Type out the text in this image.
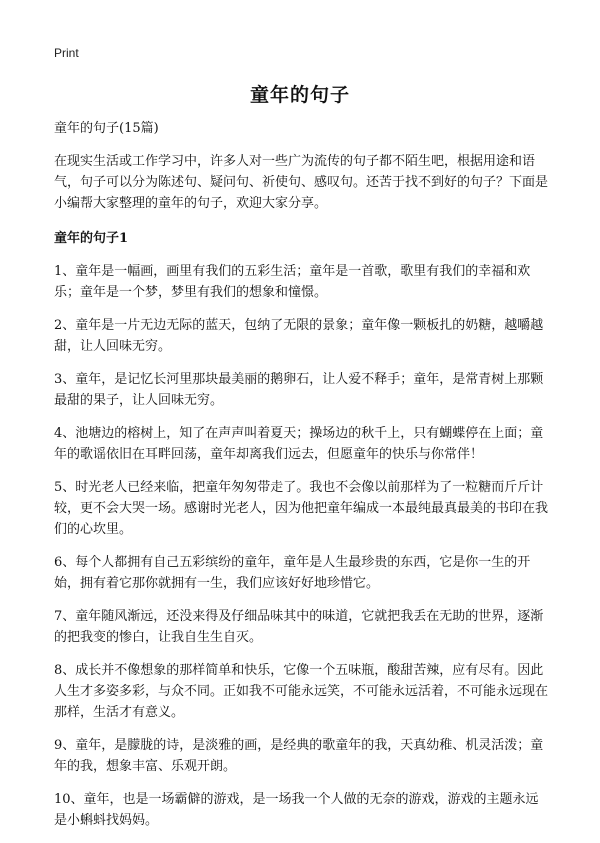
Print
童年的句子

童年的句子(15篇)

在现实生活或工作学习中，许多人对一些广为流传的句子都不陌生吧，根据用途和语气，句子可以分为陈述句、疑问句、祈使句、感叹句。还苦于找不到好的句子？下面是小编帮大家整理的童年的句子，欢迎大家分享。

童年的句子1

1、童年是一幅画，画里有我们的五彩生活；童年是一首歌，歌里有我们的幸福和欢乐；童年是一个梦，梦里有我们的想象和憧憬。

2、童年是一片无边无际的蓝天，包纳了无限的景象；童年像一颗板扎的奶糖，越嚼越甜，让人回味无穷。

3、童年，是记忆长河里那块最美丽的鹅卵石，让人爱不释手；童年，是常青树上那颗最甜的果子，让人回味无穷。

4、池塘边的榕树上，知了在声声叫着夏天；操场边的秋千上，只有蝴蝶停在上面；童年的歌谣依旧在耳畔回荡，童年却离我们远去，但愿童年的快乐与你常伴！

5、时光老人已经来临，把童年匆匆带走了。我也不会像以前那样为了一粒糖而斤斤计较，更不会大哭一场。感谢时光老人，因为他把童年编成一本最纯最真最美的书印在我们的心坎里。

6、每个人都拥有自己五彩缤纷的童年，童年是人生最珍贵的东西，它是你一生的开始，拥有着它那你就拥有一生，我们应该好好地珍惜它。

7、童年随风渐远，还没来得及仔细品味其中的味道，它就把我丢在无助的世界，逐渐的把我变的惨白，让我自生生自灭。

8、成长并不像想象的那样简单和快乐，它像一个五味瓶，酸甜苦辣，应有尽有。因此人生才多姿多彩，与众不同。正如我不可能永远笑，不可能永远活着，不可能永远现在那样，生活才有意义。

9、童年，是朦胧的诗，是淡雅的画，是经典的歌童年的我，天真幼稚、机灵活泼；童年的我，想象丰富、乐观开朗。

10、童年，也是一场霸僻的游戏，是一场我一个人做的无奈的游戏，游戏的主题永远是小蝌蚪找妈妈。
